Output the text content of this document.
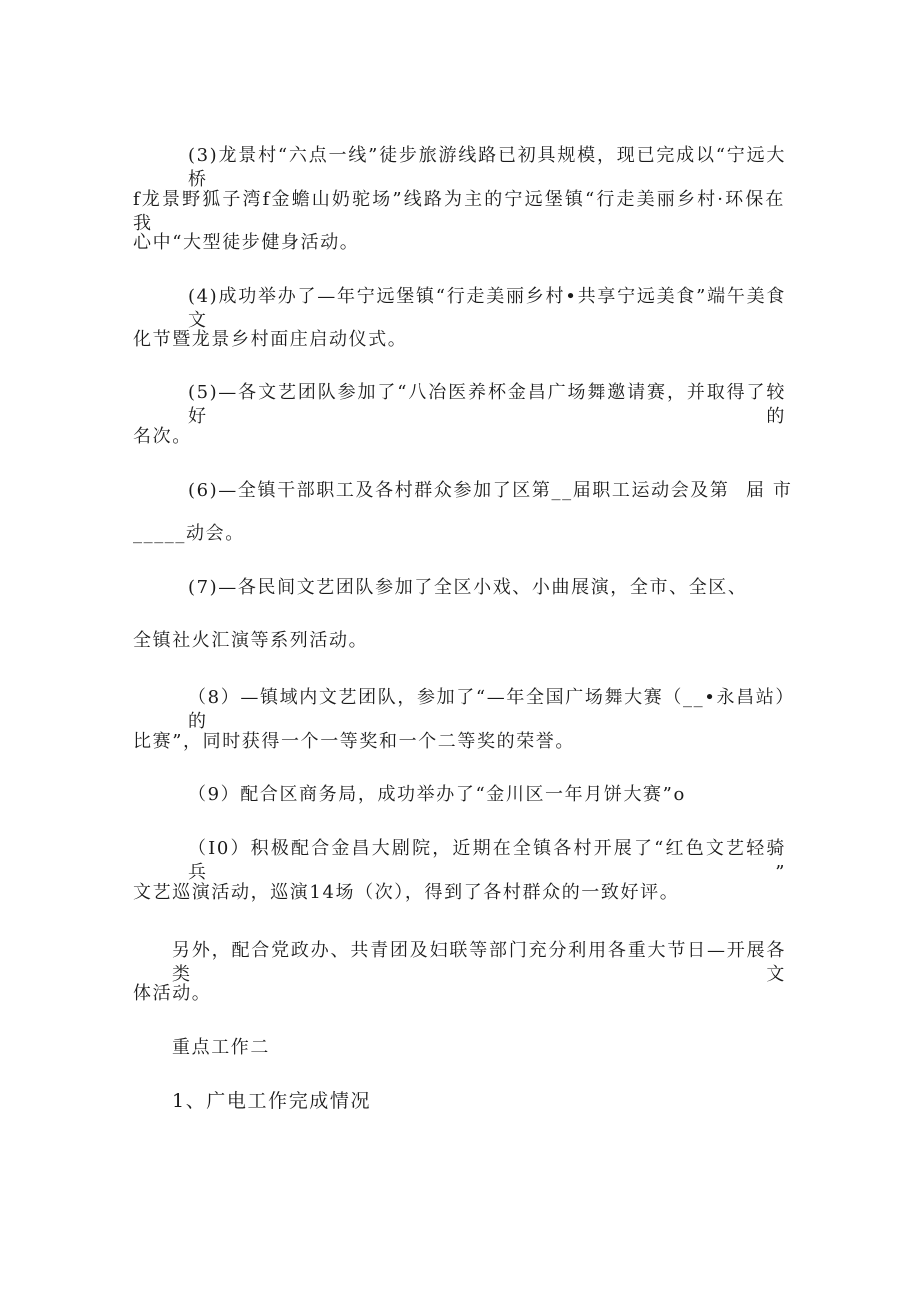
(3)龙景村“六点一线”徒步旅游线路已初具规模，现已完成以“宁远大桥
f龙景野狐子湾f金蟾山奶驼场”线路为主的宁远堡镇“行走美丽乡村·环保在我
心中“大型徒步健身活动。
(4)成功举办了—年宁远堡镇“行走美丽乡村•共享宁远美食”端午美食文
化节暨龙景乡村面庄启动仪式。
(5)—各文艺团队参加了“八冶医养杯金昌广场舞邀请赛，并取得了较好的
名次。
(6)—全镇干部职工及各村群众参加了区第__届职工运动会及第 届 市
_____动会。
(7)—各民间文艺团队参加了全区小戏、小曲展演，全市、全区、
全镇社火汇演等系列活动。
（8）—镇域内文艺团队，参加了“—年全国广场舞大赛（__•永昌站）的
比赛”，同时获得一个一等奖和一个二等奖的荣誉。
（9）配合区商务局，成功举办了“金川区一年月饼大赛”o
（I0）积极配合金昌大剧院，近期在全镇各村开展了“红色文艺轻骑兵”
文艺巡演活动，巡演14场（次），得到了各村群众的一致好评。
另外，配合党政办、共青团及妇联等部门充分利用各重大节日—开展各类文
体活动。
重点工作二
1、广电工作完成情况
